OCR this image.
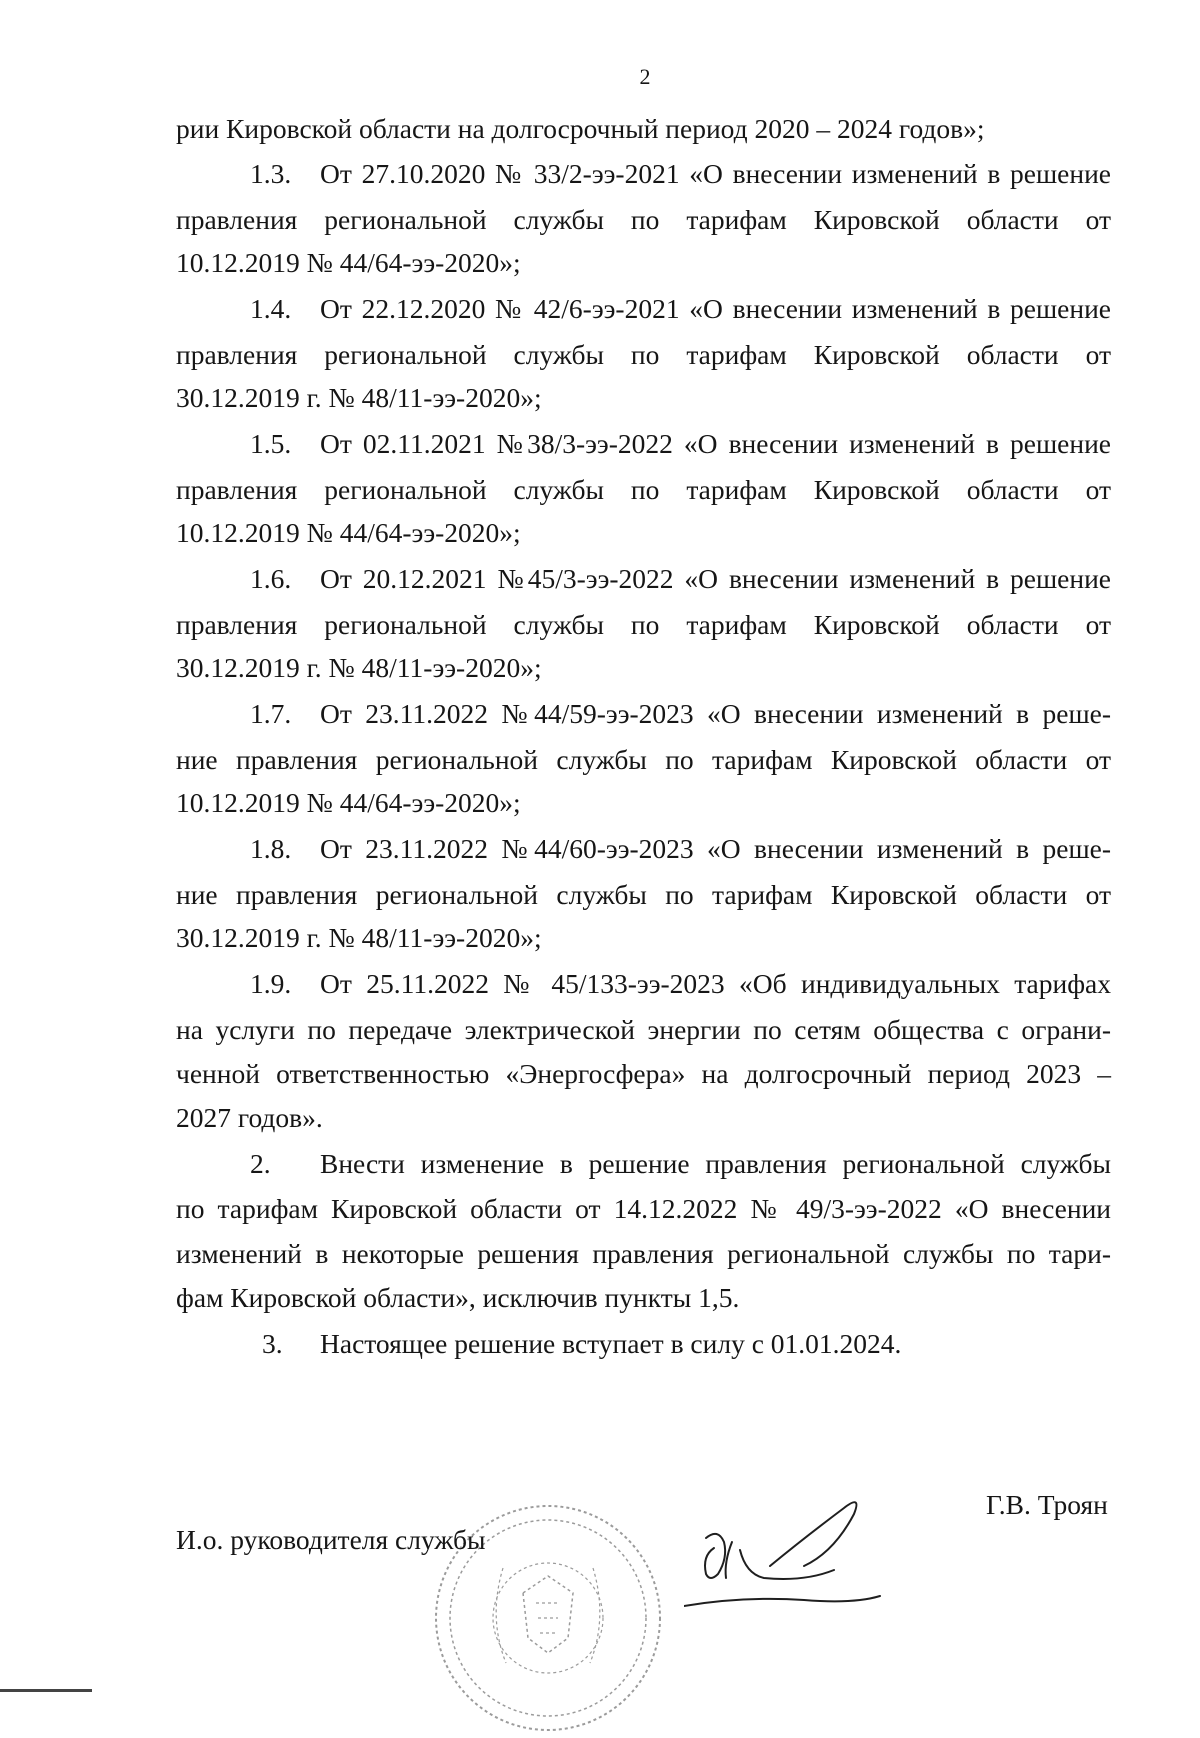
2
рии Кировской области на долгосрочный период 2020 – 2024 годов»;
1.3. От 27.10.2020 № 33/2-ээ-2021 «О внесении изменений в решение
правления региональной службы по тарифам Кировской области от
10.12.2019 № 44/64-ээ-2020»;
1.4. От 22.12.2020 № 42/6-ээ-2021 «О внесении изменений в решение
правления региональной службы по тарифам Кировской области от
30.12.2019 г. № 48/11-ээ-2020»;
1.5. От 02.11.2021 №38/3-ээ-2022 «О внесении изменений в решение
правления региональной службы по тарифам Кировской области от
10.12.2019 № 44/64-ээ-2020»;
1.6. От 20.12.2021 №45/3-ээ-2022 «О внесении изменений в решение
правления региональной службы по тарифам Кировской области от
30.12.2019 г. № 48/11-ээ-2020»;
1.7. От 23.11.2022 №44/59-ээ-2023 «О внесении изменений в реше-
ние правления региональной службы по тарифам Кировской области от
10.12.2019 № 44/64-ээ-2020»;
1.8. От 23.11.2022 №44/60-ээ-2023 «О внесении изменений в реше-
ние правления региональной службы по тарифам Кировской области от
30.12.2019 г. № 48/11-ээ-2020»;
1.9. От 25.11.2022 № 45/133-ээ-2023 «Об индивидуальных тарифах
на услуги по передаче электрической энергии по сетям общества с ограни-
ченной ответственностью «Энергосфера» на долгосрочный период 2023 –
2027 годов».
2. Внести изменение в решение правления региональной службы
по тарифам Кировской области от 14.12.2022 № 49/3-ээ-2022 «О внесении
изменений в некоторые решения правления региональной службы по тари-
фам Кировской области», исключив пункты 1,5.
3. Настоящее решение вступает в силу с 01.01.2024.
И.о. руководителя службы
Г.В. Троян
